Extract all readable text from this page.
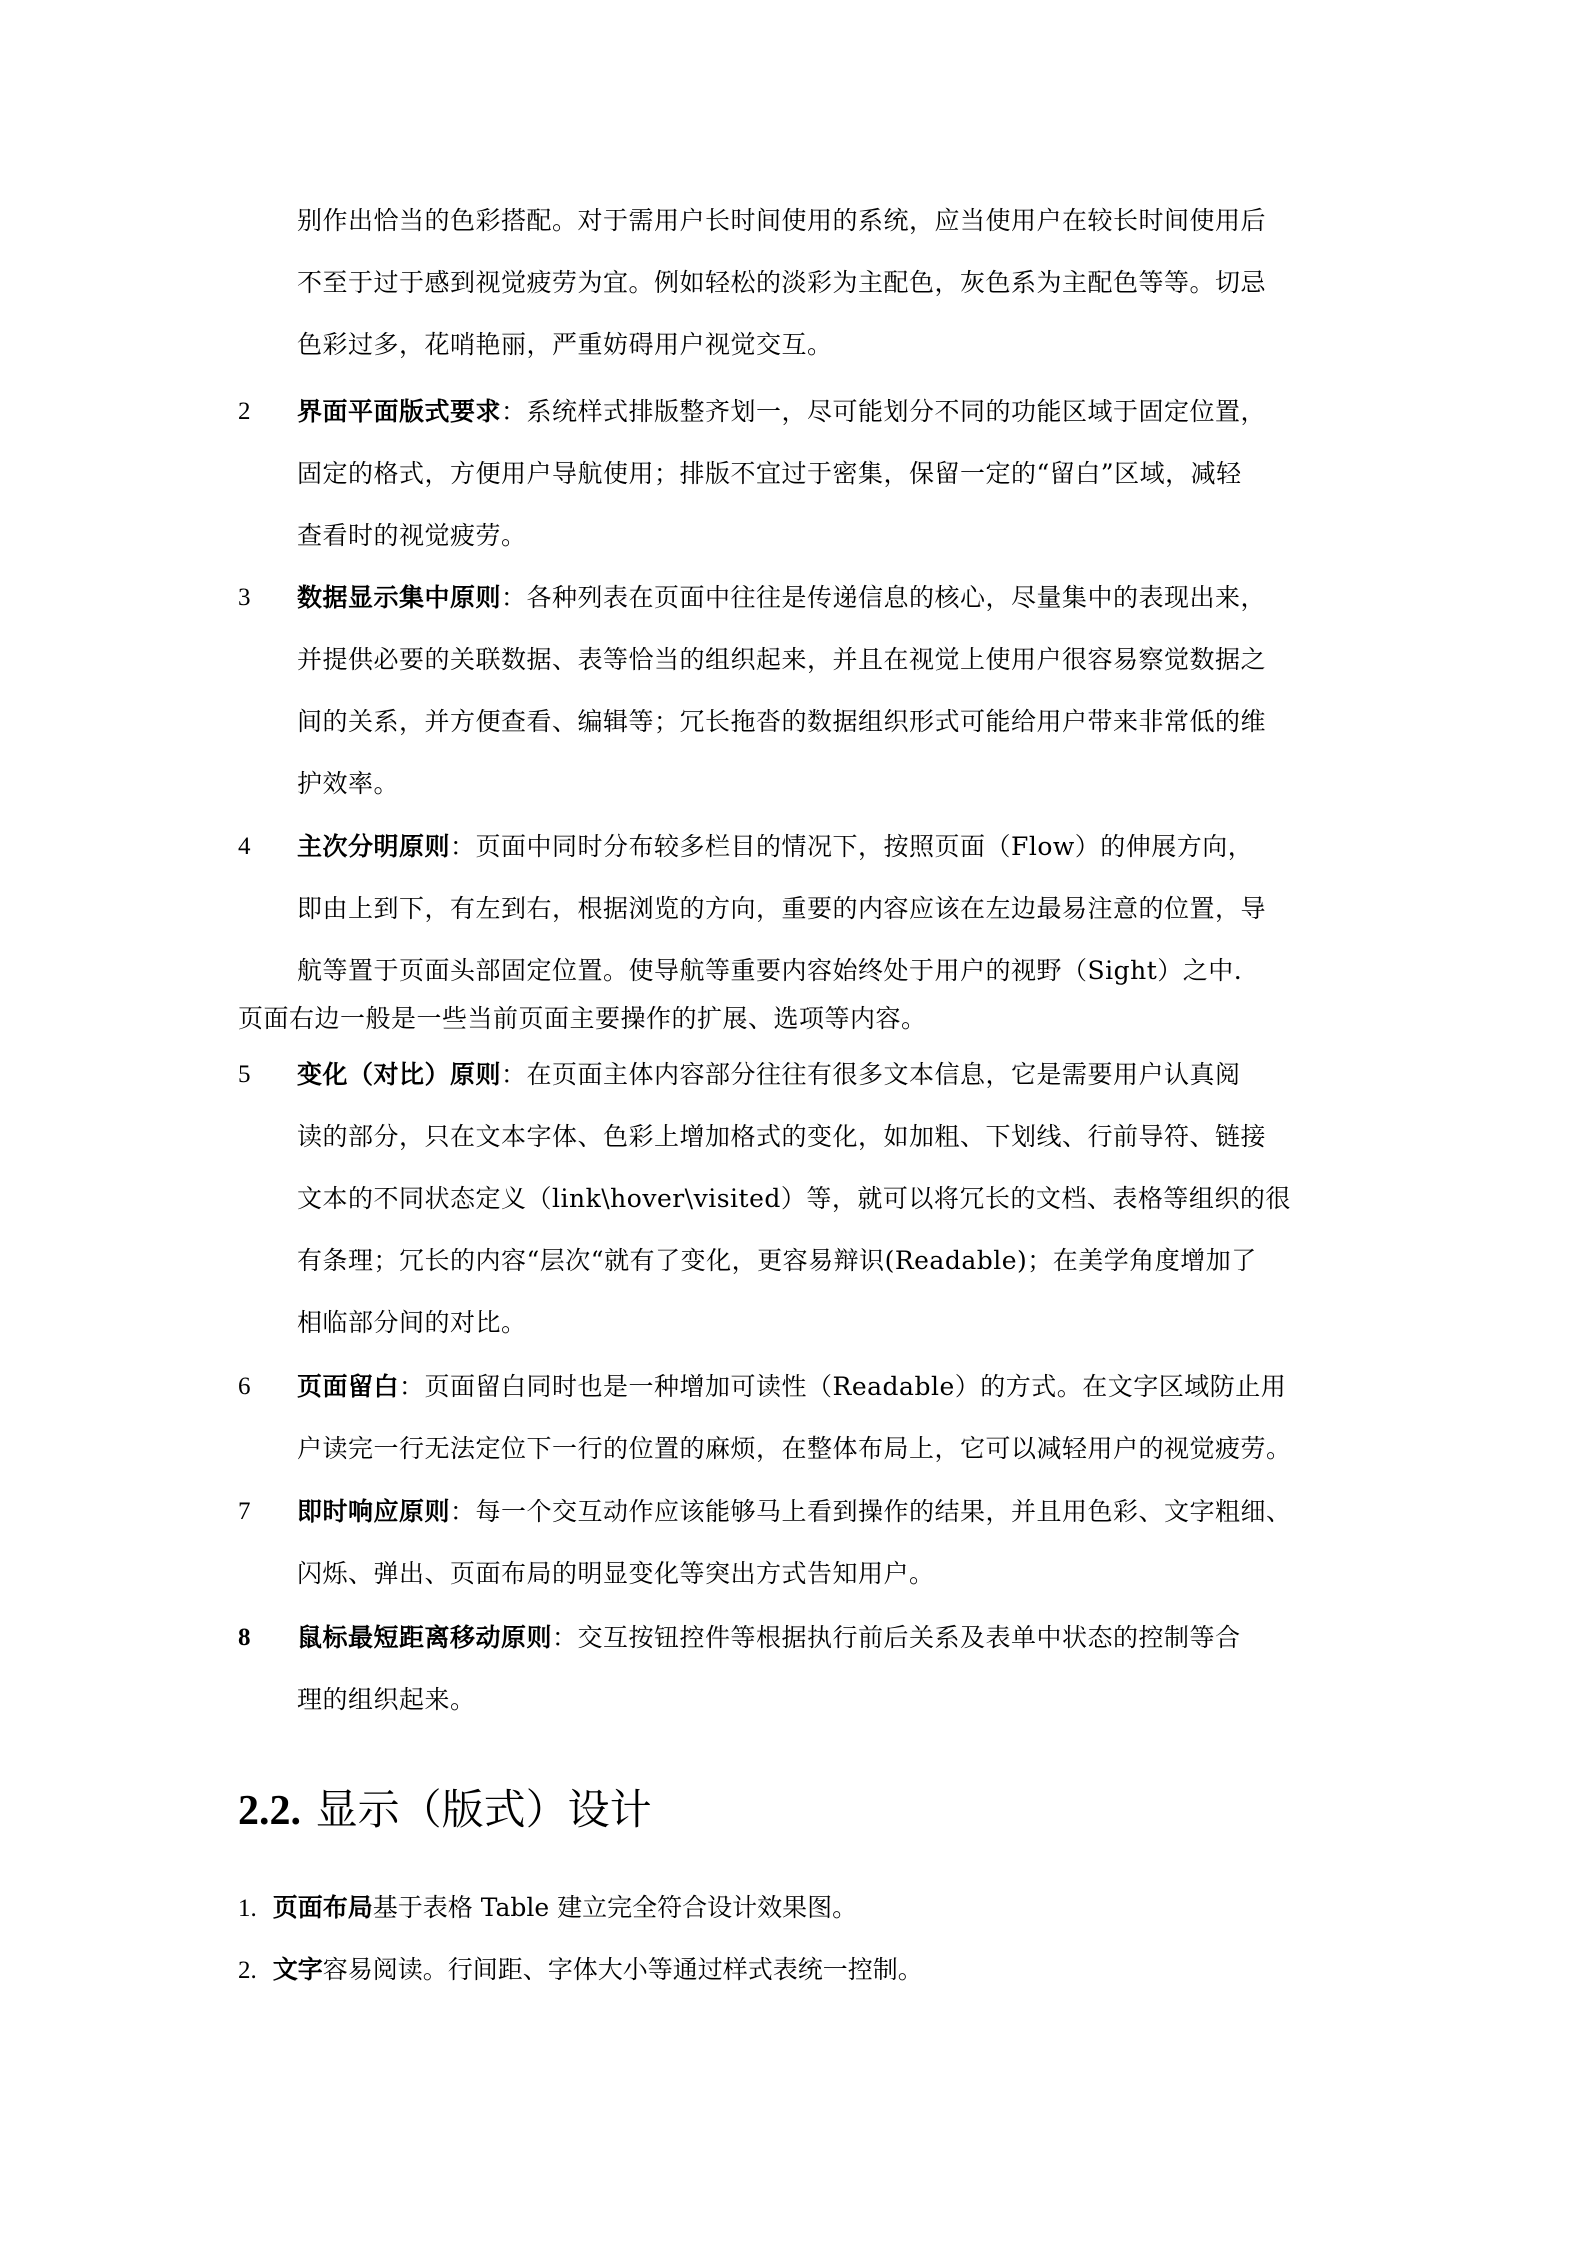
别作出恰当的色彩搭配。对于需用户长时间使用的系统，应当使用户在较长时间使用后
不至于过于感到视觉疲劳为宜。例如轻松的淡彩为主配色，灰色系为主配色等等。切忌
色彩过多，花哨艳丽，严重妨碍用户视觉交互。
2 界面平面版式要求：系统样式排版整齐划一，尽可能划分不同的功能区域于固定位置，
固定的格式，方便用户导航使用；排版不宜过于密集，保留一定的“留白”区域，减轻
查看时的视觉疲劳。
3 数据显示集中原则：各种列表在页面中往往是传递信息的核心，尽量集中的表现出来，
并提供必要的关联数据、表等恰当的组织起来，并且在视觉上使用户很容易察觉数据之
间的关系，并方便查看、编辑等；冗长拖沓的数据组织形式可能给用户带来非常低的维
护效率。
4 主次分明原则：页面中同时分布较多栏目的情况下，按照页面（Flow）的伸展方向，
即由上到下，有左到右，根据浏览的方向，重要的内容应该在左边最易注意的位置，导
航等置于页面头部固定位置。使导航等重要内容始终处于用户的视野（Sight）之中.
页面右边一般是一些当前页面主要操作的扩展、选项等内容。
5 变化（对比）原则：在页面主体内容部分往往有很多文本信息，它是需要用户认真阅
读的部分，只在文本字体、色彩上增加格式的变化，如加粗、下划线、行前导符、链接
文本的不同状态定义（link\hover\visited）等，就可以将冗长的文档、表格等组织的很
有条理；冗长的内容“层次“就有了变化，更容易辩识(Readable)；在美学角度增加了
相临部分间的对比。
6 页面留白：页面留白同时也是一种增加可读性（Readable）的方式。在文字区域防止用
户读完一行无法定位下一行的位置的麻烦，在整体布局上，它可以减轻用户的视觉疲劳。
7 即时响应原则：每一个交互动作应该能够马上看到操作的结果，并且用色彩、文字粗细、
闪烁、弹出、页面布局的明显变化等突出方式告知用户。
8 鼠标最短距离移动原则：交互按钮控件等根据执行前后关系及表单中状态的控制等合
理的组织起来。
2.2. 显示（版式）设计
1. 页面布局基于表格 Table 建立完全符合设计效果图。
2. 文字容易阅读。行间距、字体大小等通过样式表统一控制。
